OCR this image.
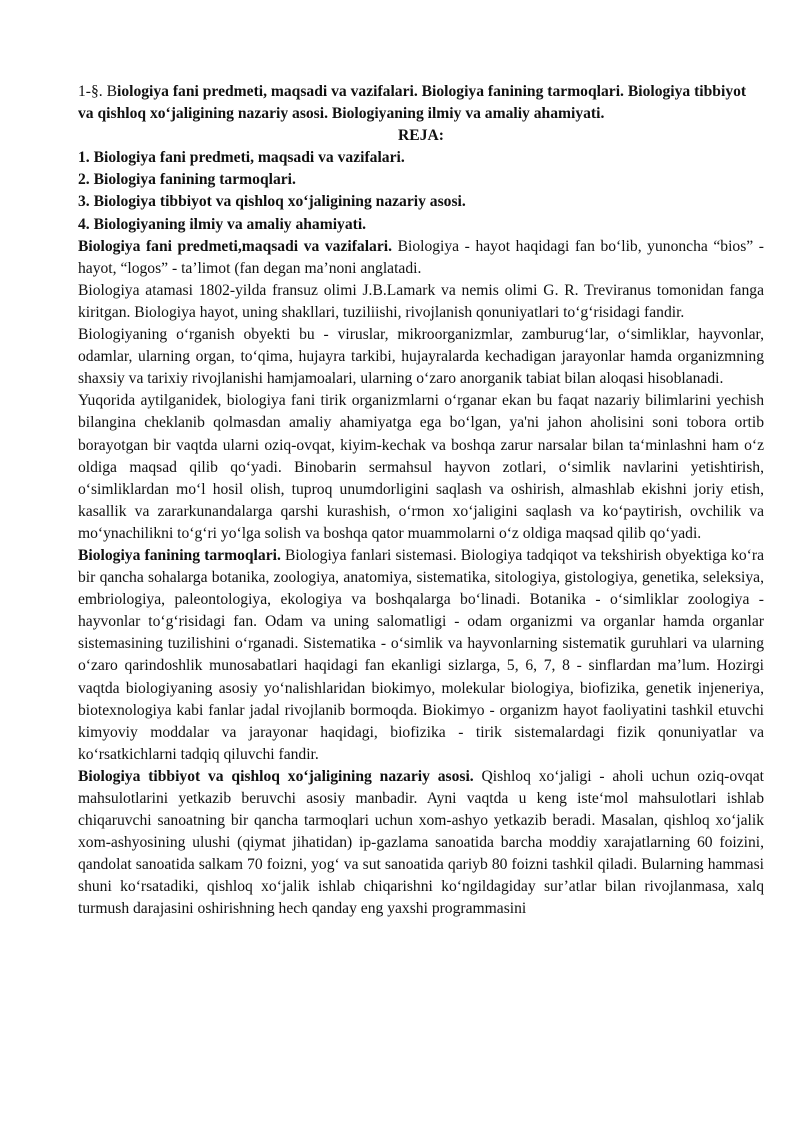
1-§. Biologiya fani predmeti, maqsadi va vazifalari. Biologiya fanining tarmoqlari. Biologiya tibbiyot va qishloq xo‘jaligining nazariy asosi. Biologiyaning ilmiy va amaliy ahamiyati.

REJA:

1. Biologiya fani predmeti, maqsadi va vazifalari.

2. Biologiya fanining tarmoqlari.

3. Biologiya tibbiyot va qishloq xo‘jaligining nazariy asosi.

4. Biologiyaning ilmiy va amaliy ahamiyati.

Biologiya fani predmeti,maqsadi va vazifalari. Biologiya - hayot haqidagi fan bo‘lib, yunoncha “bios” - hayot, “logos” - ta’limot (fan degan ma’noni anglatadi.

Biologiya atamasi 1802-yilda fransuz olimi J.B.Lamark va nemis olimi G. R. Treviranus tomonidan fanga kiritgan. Biologiya hayot, uning shakllari, tuziliishi, rivojlanish qonuniyatlari to‘g‘risidagi fandir.

Biologiyaning o‘rganish obyekti bu - viruslar, mikroorganizmlar, zamburug‘lar, o‘simliklar, hayvonlar, odamlar, ularning organ, to‘qima, hujayra tarkibi, hujayralarda kechadigan jarayonlar hamda organizmning shaxsiy va tarixiy rivojlanishi hamjamoalari, ularning o‘zaro anorganik tabiat bilan aloqasi hisoblanadi.

Yuqorida aytilganidek, biologiya fani tirik organizmlarni o‘rganar ekan bu faqat nazariy bilimlarini yechish bilangina cheklanib qolmasdan amaliy ahamiyatga ega bo‘lgan, ya'ni jahon aholisini soni tobora ortib borayotgan bir vaqtda ularni oziq-ovqat, kiyim-kechak va boshqa zarur narsalar bilan ta‘minlashni ham o‘z oldiga maqsad qilib qo‘yadi. Binobarin sermahsul hayvon zotlari, o‘simlik navlarini yetishtirish, o‘simliklardan mo‘l hosil olish, tuproq unumdorligini saqlash va oshirish, almashlab ekishni joriy etish, kasallik va zararkunandalarga qarshi kurashish, o‘rmon xo‘jaligini saqlash va ko‘paytirish, ovchilik va mo‘ynachilikni to‘g‘ri yo‘lga solish va boshqa qator muammolarni o‘z oldiga maqsad qilib qo‘yadi.

Biologiya fanining tarmoqlari. Biologiya fanlari sistemasi. Biologiya tadqiqot va tekshirish obyektiga ko‘ra bir qancha sohalarga botanika, zoologiya, anatomiya, sistematika, sitologiya, gistologiya, genetika, seleksiya, embriologiya, paleontologiya, ekologiya va boshqalarga bo‘linadi. Botanika - o‘simliklar zoologiya - hayvonlar to‘g‘risidagi fan. Odam va uning salomatligi - odam organizmi va organlar hamda organlar sistemasining tuzilishini o‘rganadi. Sistematika - o‘simlik va hayvonlarning sistematik guruhlari va ularning o‘zaro qarindoshlik munosabatlari haqidagi fan ekanligi sizlarga, 5, 6, 7, 8 - sinflardan ma’lum. Hozirgi vaqtda biologiyaning asosiy yo‘nalishlaridan biokimyo, molekular biologiya, biofizika, genetik injeneriya, biotexnologiya kabi fanlar jadal rivojlanib bormoqda. Biokimyo - organizm hayot faoliyatini tashkil etuvchi kimyoviy moddalar va jarayonar haqidagi, biofizika - tirik sistemalardagi fizik qonuniyatlar va ko‘rsatkichlarni tadqiq qiluvchi fandir.

Biologiya tibbiyot va qishloq xo‘jaligining nazariy asosi. Qishloq xo‘jaligi - aholi uchun oziq-ovqat mahsulotlarini yetkazib beruvchi asosiy manbadir. Ayni vaqtda u keng iste‘mol mahsulotlari ishlab chiqaruvchi sanoatning bir qancha tarmoqlari uchun xom-ashyo yetkazib beradi. Masalan, qishloq xo‘jalik xom-ashyosining ulushi (qiymat jihatidan) ip-gazlama sanoatida barcha moddiy xarajatlarning 60 foizini, qandolat sanoatida salkam 70 foizni, yog‘ va sut sanoatida qariyb 80 foizni tashkil qiladi. Bularning hammasi shuni ko‘rsatadiki, qishloq xo‘jalik ishlab chiqarishni ko‘ngildagiday sur’atlar bilan rivojlanmasa, xalq turmush darajasini oshirishning hech qanday eng yaxshi programmasini
